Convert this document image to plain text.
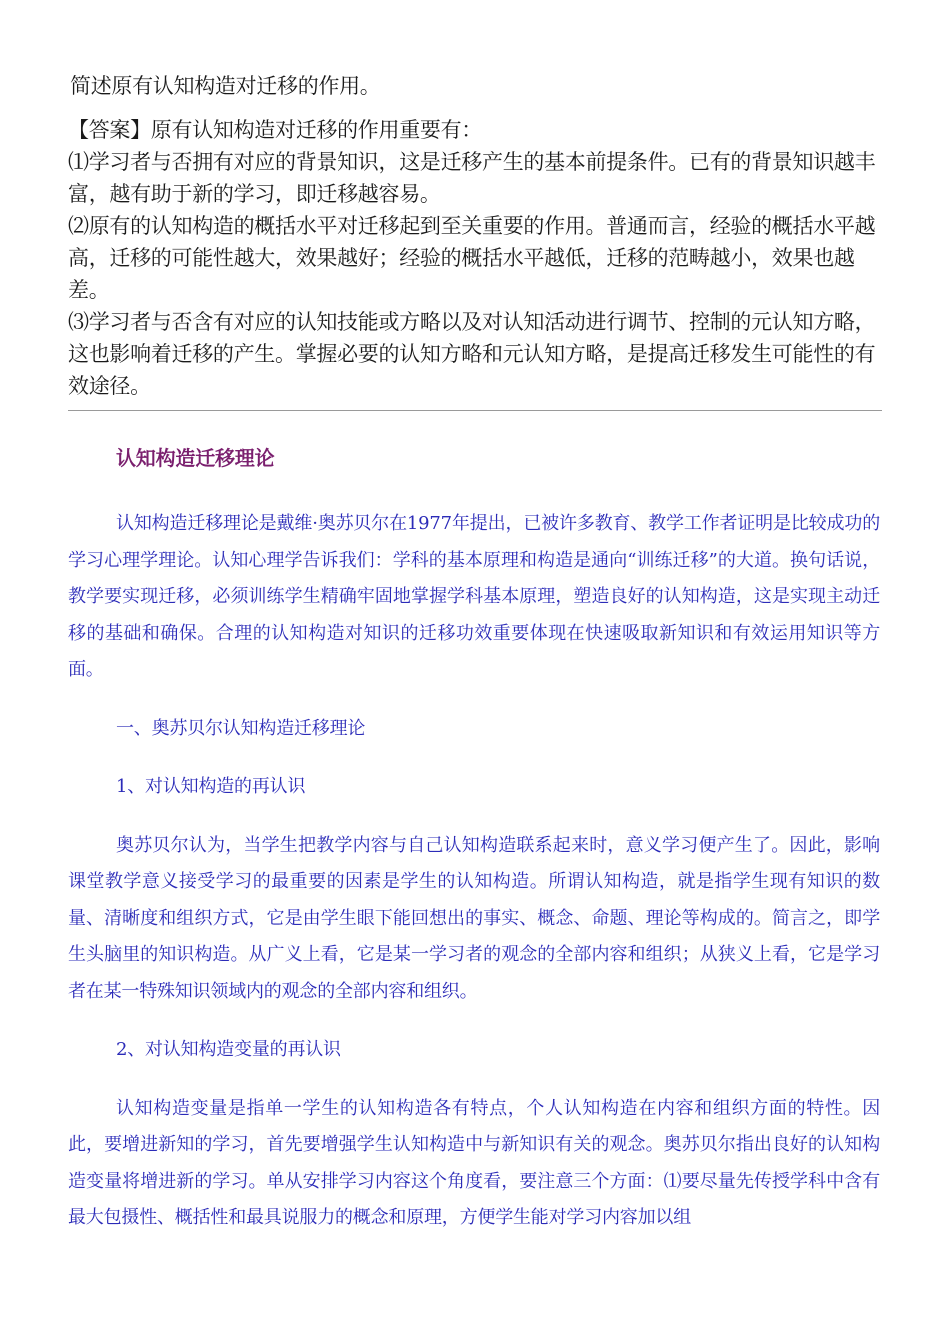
简述原有认知构造对迁移的作用。

【答案】原有认知构造对迁移的作用重要有：

⑴学习者与否拥有对应的背景知识，这是迁移产生的基本前提条件。已有的背景知识越丰富，越有助于新的学习，即迁移越容易。

⑵原有的认知构造的概括水平对迁移起到至关重要的作用。普通而言，经验的概括水平越高，迁移的可能性越大，效果越好；经验的概括水平越低，迁移的范畴越小，效果也越差。

⑶学习者与否含有对应的认知技能或方略以及对认知活动进行调节、控制的元认知方略，这也影响着迁移的产生。掌握必要的认知方略和元认知方略，是提高迁移发生可能性的有效途径。

认知构造迁移理论

认知构造迁移理论是戴维·奥苏贝尔在1977年提出，已被许多教育、教学工作者证明是比较成功的学习心理学理论。认知心理学告诉我们：学科的基本原理和构造是通向“训练迁移”的大道。换句话说，教学要实现迁移，必须训练学生精确牢固地掌握学科基本原理，塑造良好的认知构造，这是实现主动迁移的基础和确保。合理的认知构造对知识的迁移功效重要体现在快速吸取新知识和有效运用知识等方面。

一、奥苏贝尔认知构造迁移理论

1、对认知构造的再认识

奥苏贝尔认为，当学生把教学内容与自己认知构造联系起来时，意义学习便产生了。因此，影响课堂教学意义接受学习的最重要的因素是学生的认知构造。所谓认知构造，就是指学生现有知识的数量、清晰度和组织方式，它是由学生眼下能回想出的事实、概念、命题、理论等构成的。简言之，即学生头脑里的知识构造。从广义上看，它是某一学习者的观念的全部内容和组织；从狭义上看，它是学习者在某一特殊知识领域内的观念的全部内容和组织。

2、对认知构造变量的再认识

认知构造变量是指单一学生的认知构造各有特点，个人认知构造在内容和组织方面的特性。因此，要增进新知的学习，首先要增强学生认知构造中与新知识有关的观念。奥苏贝尔指出良好的认知构造变量将增进新的学习。单从安排学习内容这个角度看，要注意三个方面：⑴要尽量先传授学科中含有最大包摄性、概括性和最具说服力的概念和原理，方便学生能对学习内容加以组
